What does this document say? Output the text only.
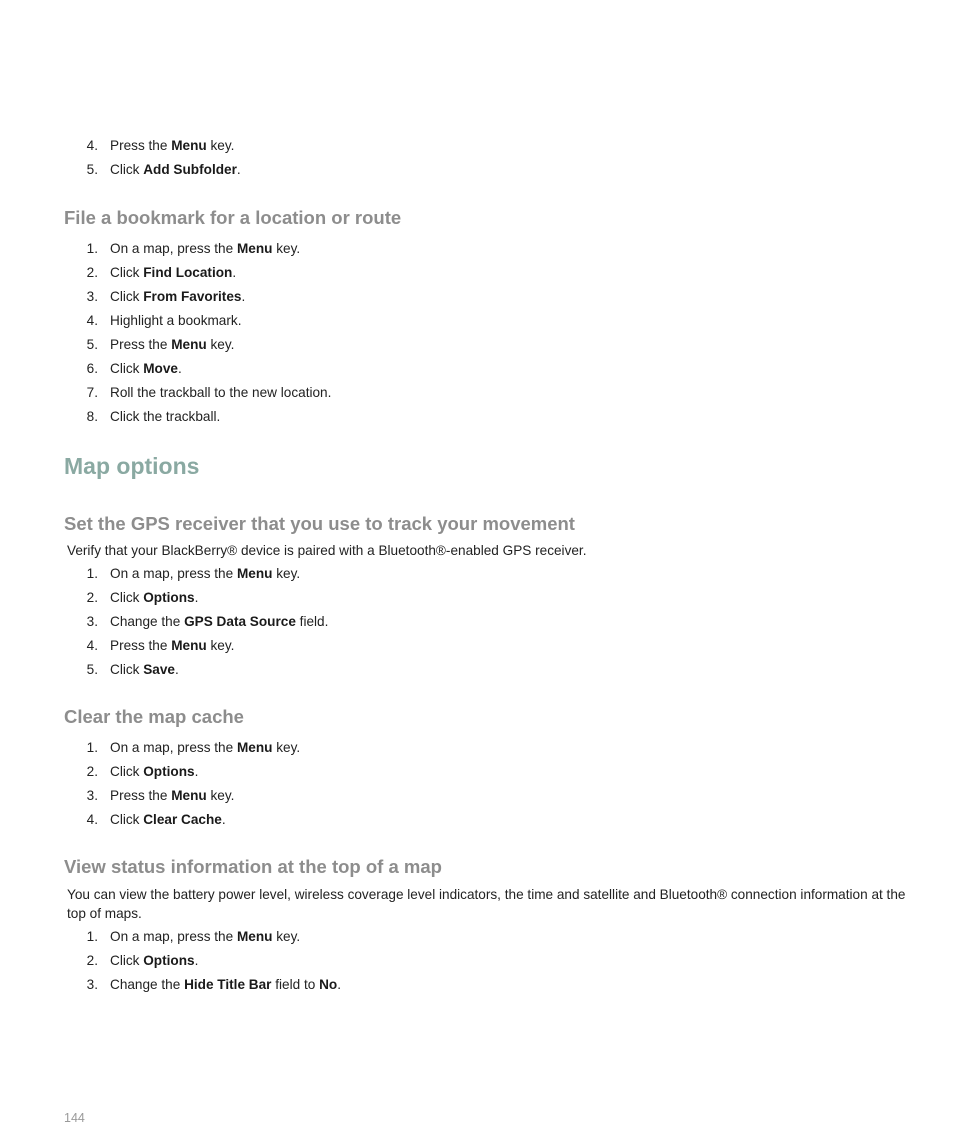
4. Press the Menu key.
5. Click Add Subfolder.
File a bookmark for a location or route
1. On a map, press the Menu key.
2. Click Find Location.
3. Click From Favorites.
4. Highlight a bookmark.
5. Press the Menu key.
6. Click Move.
7. Roll the trackball to the new location.
8. Click the trackball.
Map options
Set the GPS receiver that you use to track your movement

Verify that your BlackBerry® device is paired with a Bluetooth®-enabled GPS receiver.

1. On a map, press the Menu key.
2. Click Options.
3. Change the GPS Data Source field.
4. Press the Menu key.
5. Click Save.
Clear the map cache
1. On a map, press the Menu key.
2. Click Options.
3. Press the Menu key.
4. Click Clear Cache.
View status information at the top of a map

You can view the battery power level, wireless coverage level indicators, the time and satellite and Bluetooth® connection information at the top of maps.

1. On a map, press the Menu key.
2. Click Options.
3. Change the Hide Title Bar field to No.
144
